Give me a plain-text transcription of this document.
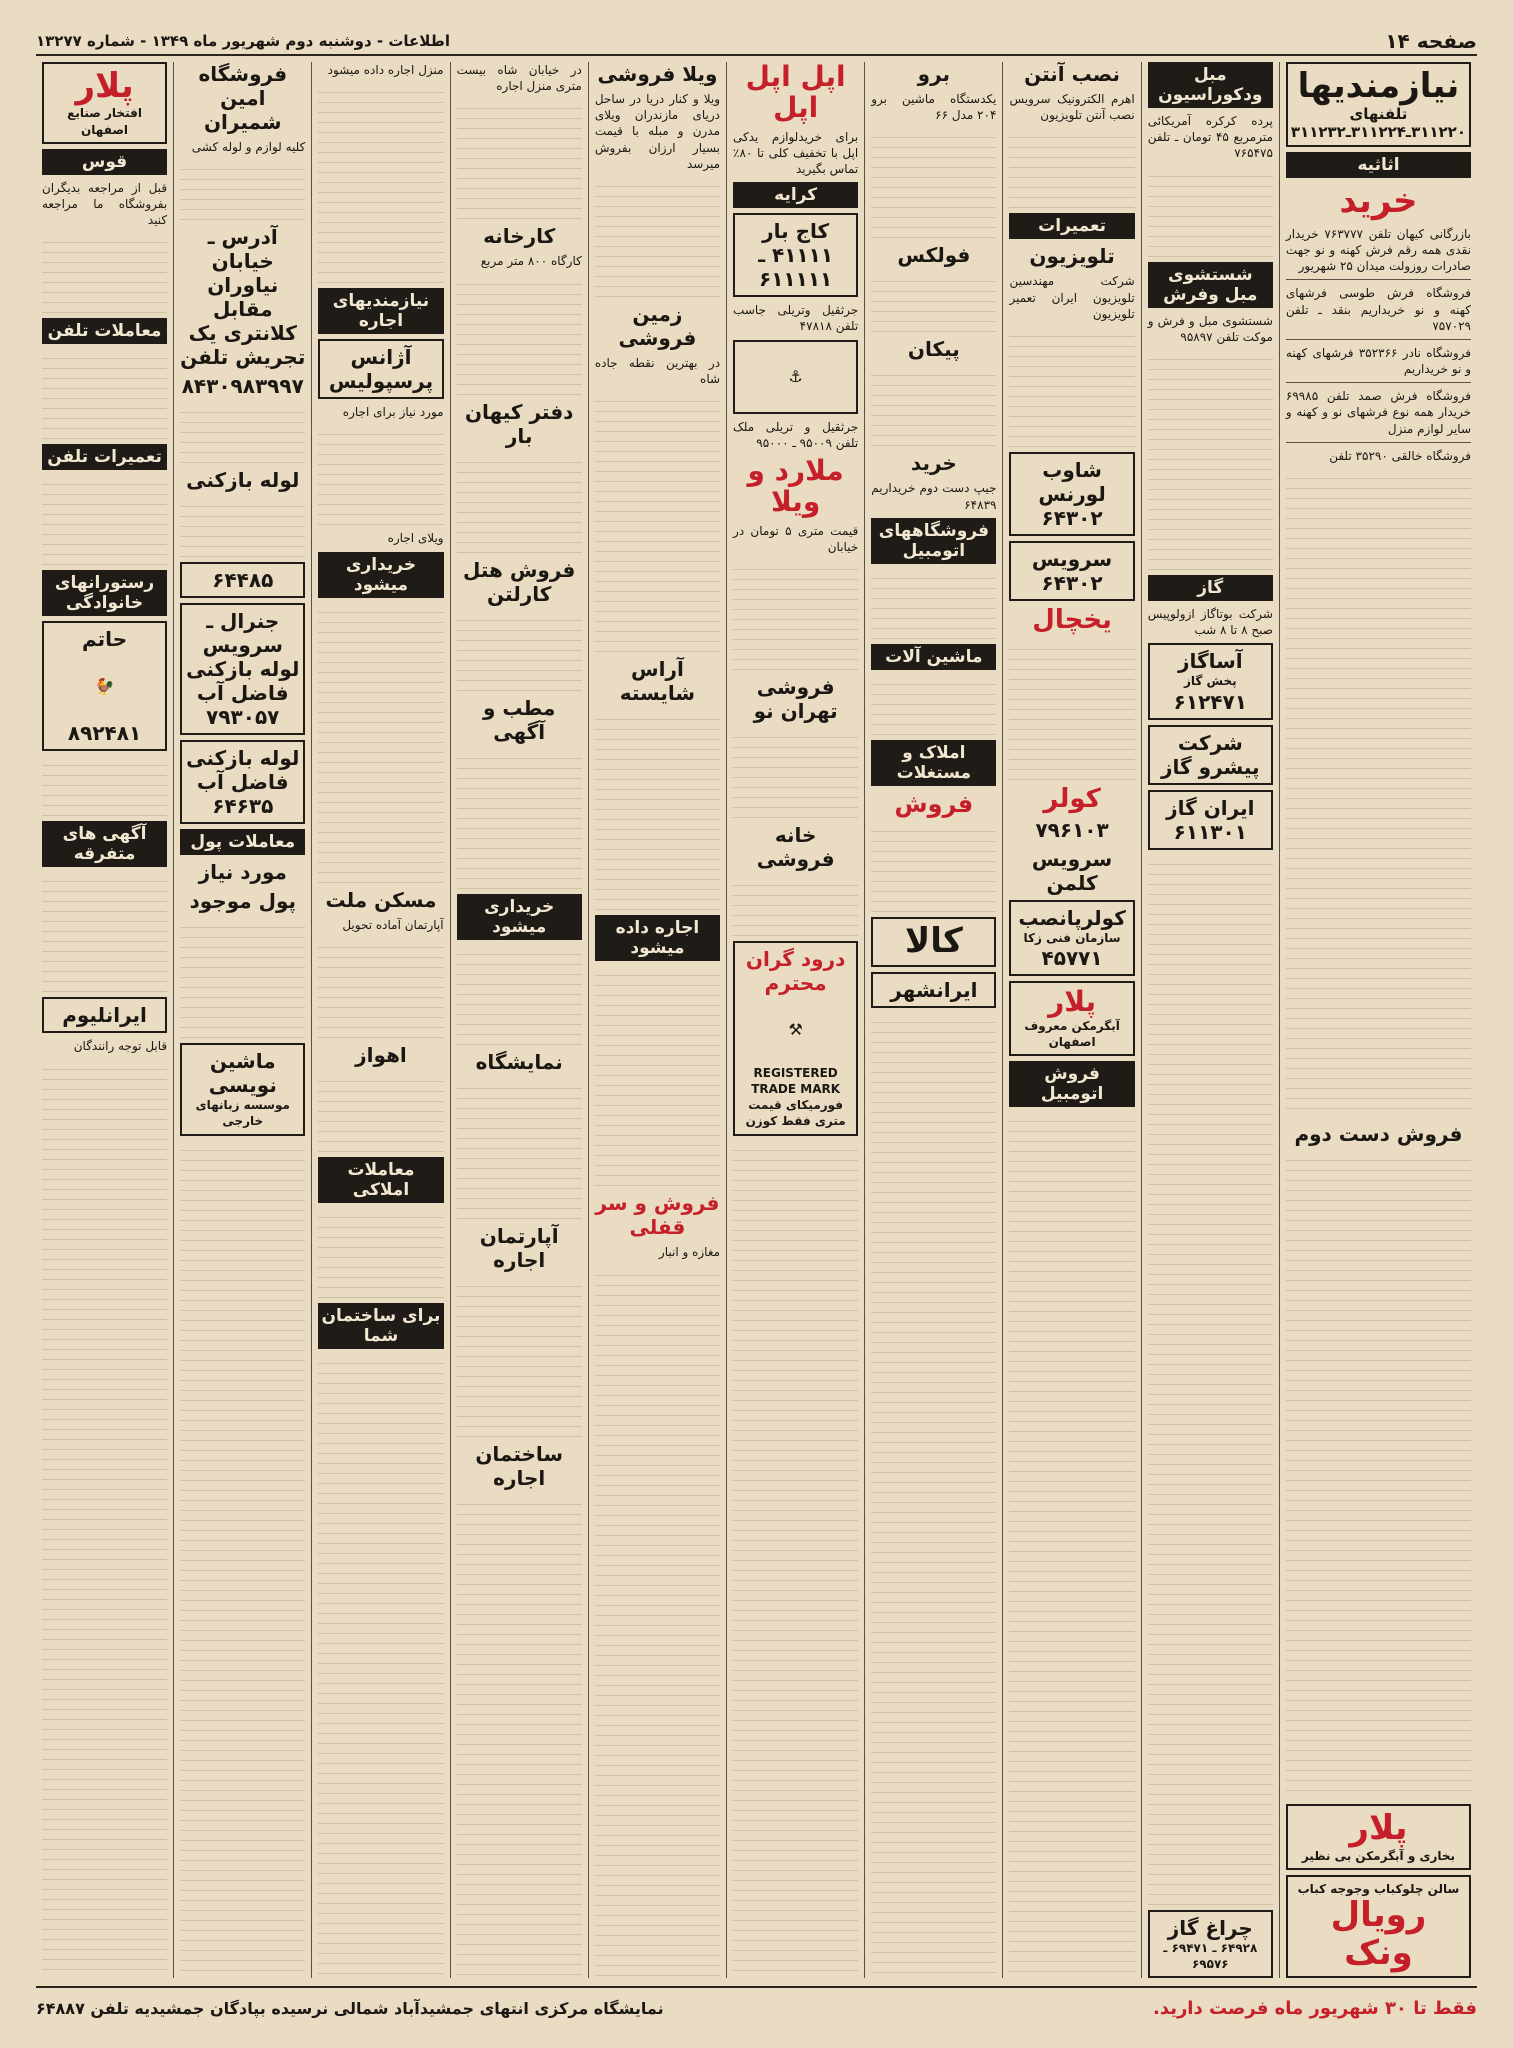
صفحه ۱۴
اطلاعات - دوشنبه دوم شهریور ماه ۱۳۴۹ - شماره ۱۳۲۷۷
نیازمندیها
تلفنهای ۳۱۱۲۲۰ـ۳۱۱۲۲۴ـ۳۱۱۲۳۲
اثاثیه
خرید
بازرگانی کیهان تلفن ۷۶۳۷۷۷ خریدار نقدی همه رقم فرش کهنه و نو جهت صادرات روزولت میدان ۲۵ شهریور
فروشگاه فرش طوسی فرشهای کهنه و نو خریداریم بنقد ـ تلفن ۷۵۷۰۲۹
فروشگاه نادر ۳۵۲۳۶۶ فرشهای کهنه و نو خریداریم
فروشگاه فرش صمد تلفن ۶۹۹۸۵ خریدار همه نوع فرشهای نو و کهنه و سایر لوازم منزل
فروشگاه خالقی ۳۵۲۹۰ تلفن
فروش دست دوم
پلار
بخاری و آبگرمکن بی نظیر
سالن چلوکباب وجوجه کباب
رویال ونک
مبل ودکوراسیون
پرده کرکره آمریکائی مترمربع ۴۵ تومان ـ تلفن ۷۶۵۴۷۵
شستشوی مبل وفرش
شستشوی مبل و فرش و موکت تلفن ۹۵۸۹۷
گاز
شرکت بوتاگاز ازولوپیس صبح ۸ تا ۸ شب
آساگاز
پخش گاز
۶۱۲۴۷۱
شرکت پیشرو گاز
ایران گاز
۶۱۱۳۰۱
چراغ گاز
۶۴۹۲۸ ـ ۶۹۴۷۱ ـ ۶۹۵۷۶
نصب آنتن
اهرم الکترونیک سرویس نصب آنتن تلویزیون
تعمیرات
تلویزیون
شرکت مهندسین تلویزیون ایران تعمیر تلویزیون
شاوب لورنس
۶۴۳۰۲
سرویس
۶۴۳۰۲
یخچال
کولر
۷۹۶۱۰۳
سرویس کلمن
کولرپانصب
سازمان فنی زکا
۴۵۷۷۱
پلار
آبگرمکن معروف اصفهان
فروش اتومبیل
برو
یکدستگاه ماشین برو ۲۰۴ مدل ۶۶
فولکس
پیکان
خرید
جیپ دست دوم خریداریم ۶۴۸۳۹
فروشگاههای اتومبیل
ماشین آلات
املاک و مستغلات
فروش
کالا
ایرانشهر
اپل اپل اپل
برای خریدلوازم یدکی اپل با تخفیف کلی تا ۸۰٪ تماس بگیرید
کرایه
کاج بار
۴۱۱۱۱ ـ ۶۱۱۱۱۱
جرثقیل وتریلی جاسب تلفن ۴۷۸۱۸
⚓
جرثقیل و تریلی ملک تلفن ۹۵۰۰۹ ـ ۹۵۰۰۰
ملارد و ویلا
قیمت متری ۵ تومان در خیابان
فروشی تهران نو
خانه فروشی
درود گران محترم
⚒
REGISTERED TRADE MARK
فورمیکای قیمت متری فقط کوزن
ویلا فروشی
ویلا و کنار دریا در ساحل دریای مازندران ویلای مدرن و مبله با قیمت بسیار ارزان بفروش میرسد
زمین فروشی
در بهترین نقطه جاده شاه
آراس شایسته
اجاره داده میشود
فروش و سر قفلی
مغازه و انبار
در خیابان شاه بیست متری منزل اجاره
کارخانه
کارگاه ۸۰۰ متر مربع
دفتر کیهان بار
فروش هتل کارلتن
مطب و آگهی
خریداری میشود
نمایشگاه
آپارتمان اجاره
ساختمان اجاره
منزل اجاره داده میشود
نیازمندیهای اجاره
آژانس پرسپولیس
مورد نیاز برای اجاره
ویلای اجاره
خریداری میشود
مسکن ملت
آپارتمان آماده تحویل
اهواز
معاملات املاکی
برای ساختمان شما
فروشگاه امین شمیران
کلیه لوازم و لوله کشی
آدرس ـ خیابان نیاوران مقابل کلانتری یک تجریش تلفن
۸۴۳۰۹۸۳۹۹۷
لوله بازکنی
۶۴۴۸۵
جنرال ـ سرویس لوله بازکنی فاضل آب
۷۹۳۰۵۷
لوله بازکنی فاضل آب
۶۴۶۳۵
معاملات پول
مورد نیاز
پول موجود
ماشین نویسی
موسسه زبانهای خارجی
پلار
افتخار صنایع اصفهان
قوس
قبل از مراجعه بدیگران بفروشگاه ما مراجعه کنید
معاملات تلفن
تعمیرات تلفن
رستورانهای خانوادگی
حاتم
🐓
۸۹۲۴۸۱
آگهی های متفرقه
ایرانلیوم
قابل توجه رانندگان
فقط تا ۳۰ شهریور ماه فرصت دارید.
نمایشگاه مرکزی انتهای جمشیدآباد شمالی نرسیده بپادگان جمشیدیه تلفن ۶۴۸۸۷
